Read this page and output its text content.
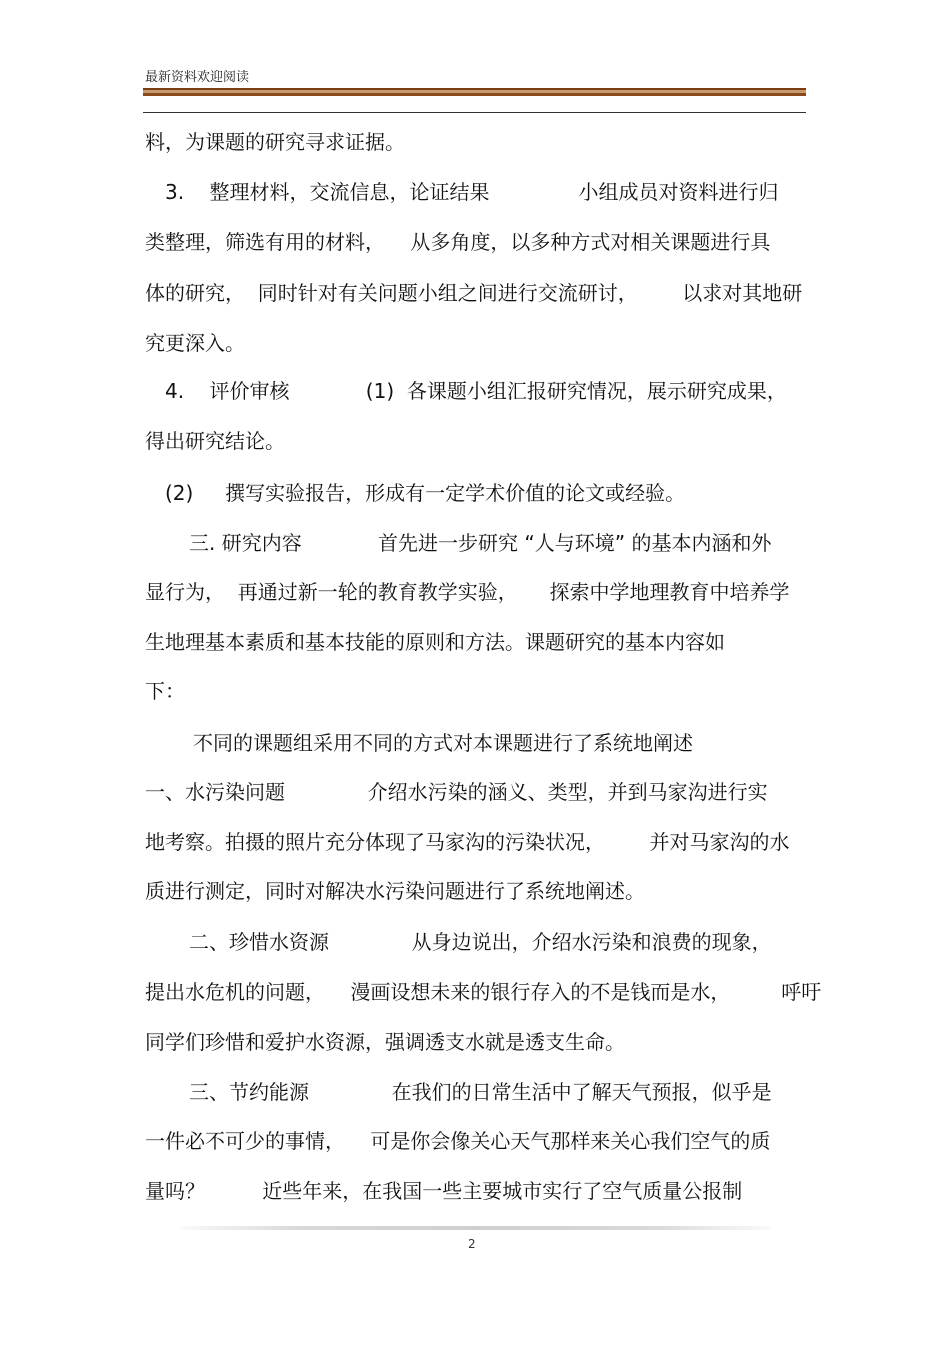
最新资料欢迎阅读
料，为课题的研究寻求证据。
3.    整理材料，交流信息，论证结果              小组成员对资料进行归
类整理，筛选有用的材料，    从多角度，以多种方式对相关课题进行具
体的研究，  同时针对有关问题小组之间进行交流研讨，       以求对其地研
究更深入。
4.    评价审核            (1)  各课题小组汇报研究情况，展示研究成果，
得出研究结论。
(2)     撰写实验报告，形成有一定学术价值的论文或经验。
三. 研究内容            首先进一步研究 “人与环境” 的基本内涵和外
显行为，  再通过新一轮的教育教学实验，     探索中学地理教育中培养学
生地理基本素质和基本技能的原则和方法。课题研究的基本内容如
下：
不同的课题组采用不同的方式对本课题进行了系统地阐述
一、水污染问题             介绍水污染的涵义、类型，并到马家沟进行实
地考察。拍摄的照片充分体现了马家沟的污染状况，       并对马家沟的水
质进行测定，同时对解决水污染问题进行了系统地阐述。
二、珍惜水资源             从身边说出，介绍水污染和浪费的现象，
提出水危机的问题，    漫画设想未来的银行存入的不是钱而是水，        呼吁
同学们珍惜和爱护水资源，强调透支水就是透支生命。
三、节约能源             在我们的日常生活中了解天气预报，似乎是
一件必不可少的事情，    可是你会像关心天气那样来关心我们空气的质
量吗？         近些年来，在我国一些主要城市实行了空气质量公报制
2
